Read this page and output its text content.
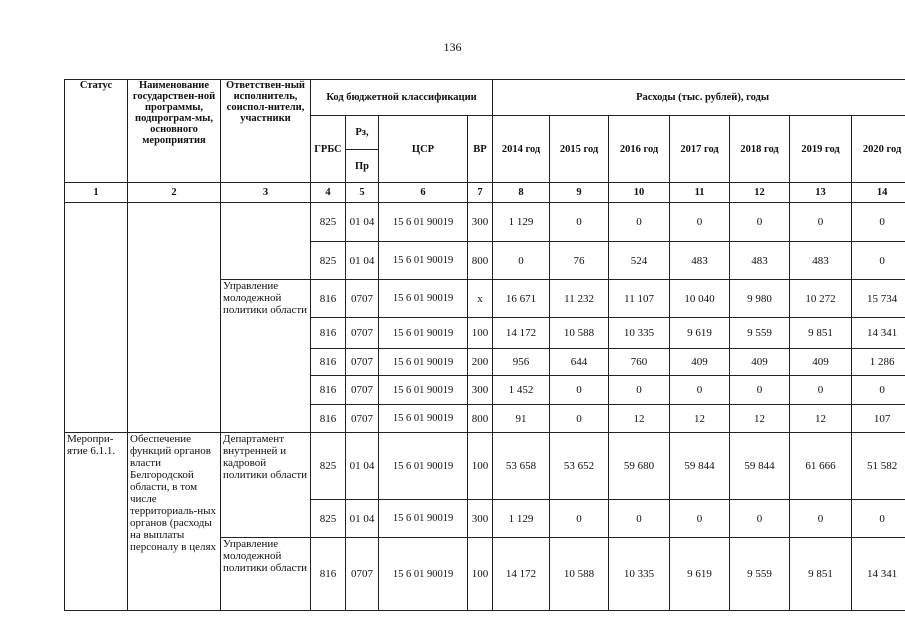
136
Статус	Наименование государствен-ной программы, подпрограм-мы, основного мероприятия	Ответствен-ный исполнитель, соиспол-нители, участники	Код бюджетной классификации				Расходы (тыс. рублей), годы						
			ГРБС	Рз,	ЦСР	ВР	2014 год	2015 год	2016 год	2017 год	2018 год	2019 год	2020 год
				Пр									
1	2	3	4	5	6	7	8	9	10	11	12	13	14
			825	01 04	15 6 01 90019	300	1 129	0	0	0	0	0	0
			825	01 04	15 6 01 90019	800	0	76	524	483	483	483	0
		Управление молодежной политики области	816	0707	15 6 01 90019	х	16 671	11 232	11 107	10 040	9 980	10 272	15 734
			816	0707	15 6 01 90019	100	14 172	10 588	10 335	9 619	9 559	9 851	14 341
			816	0707	15 6 01 90019	200	956	644	760	409	409	409	1 286
			816	0707	15 6 01 90019	300	1 452	0	0	0	0	0	0
			816	0707	15 6 01 90019	800	91	0	12	12	12	12	107
Меропри-ятие 6.1.1.	Обеспечение функций органов власти Белгородской области, в том числе территориаль-ных органов (расходы на выплаты персоналу в целях	Департамент внутренней и кадровой политики области	825	01 04	15 6 01 90019	100	53 658	53 652	59 680	59 844	59 844	61 666	51 582
			825	01 04	15 6 01 90019	300	1 129	0	0	0	0	0	0
		Управление молодежной политики области	816	0707	15 6 01 90019	100	14 172	10 588	10 335	9 619	9 559	9 851	14 341
